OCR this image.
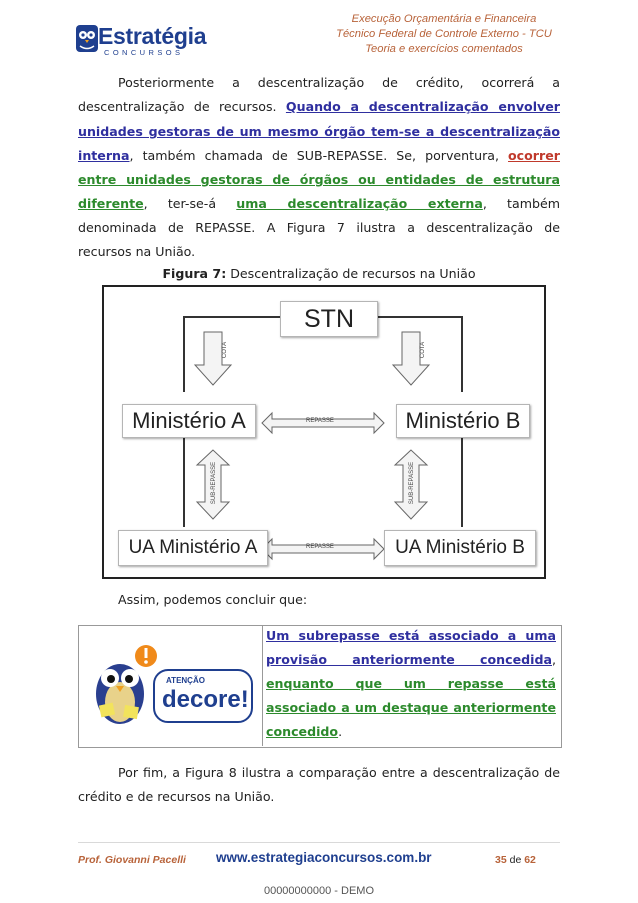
Estratégia
CONCURSOS
Execução Orçamentária e Financeira
Técnico Federal de Controle Externo - TCU
Teoria e exercícios comentados
Posteriormente a descentralização de crédito, ocorrerá a
descentralização de recursos. Quando a descentralização envolver
unidades gestoras de um mesmo órgão tem-se a descentralização
interna, também chamada de SUB-REPASSE. Se, porventura, ocorrer
entre unidades gestoras de órgãos ou entidades de estrutura
diferente, ter-se-á uma descentralização externa, também
denominada de REPASSE. A Figura 7 ilustra a descentralização de
recursos na União.
Figura 7: Descentralização de recursos na União
STN
Ministério A	Ministério B
UA Ministério A	UA Ministério B
COTA	COTA
REPASSE
REPASSE
SUB-REPASSE	SUB-REPASSE
Assim, podemos concluir que:
ATENÇÃO
decore!
Um subrepasse está associado a uma
provisão anteriormente concedida,
enquanto que um repasse está
associado a um destaque anteriormente
concedido.
Por fim, a Figura 8 ilustra a comparação entre a descentralização de
crédito e de recursos na União.
Prof. Giovanni Pacelli www.estrategiaconcursos.com.br	35 de 62
00000000000 - DEMO
